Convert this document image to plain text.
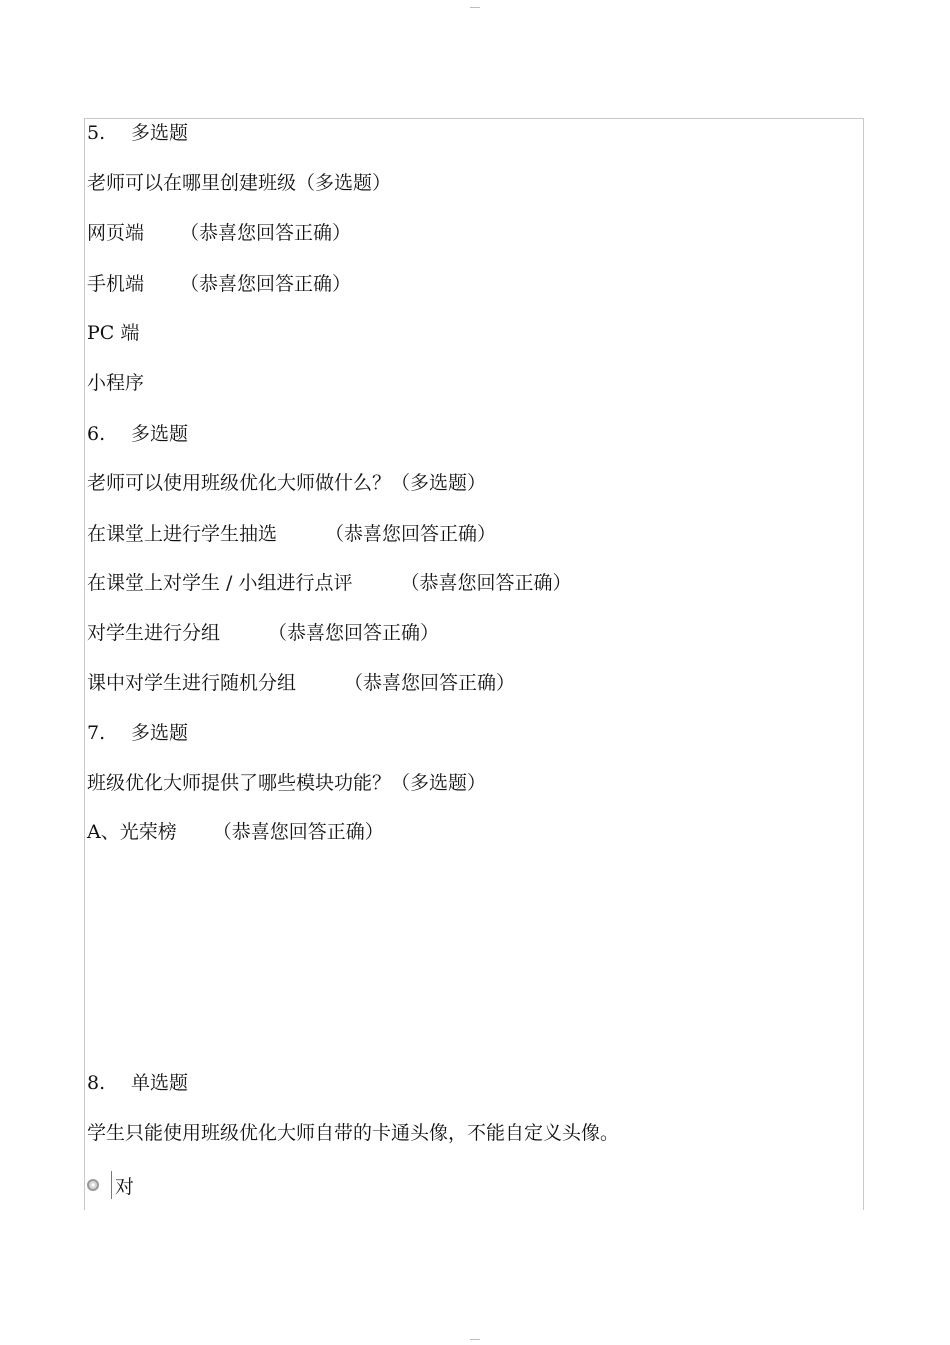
5. 多选题
老师可以在哪里创建班级（多选题）
网页端 （恭喜您回答正确）
手机端 （恭喜您回答正确）
PC 端
小程序
6. 多选题
老师可以使用班级优化大师做什么？（多选题）
在课堂上进行学生抽选	（恭喜您回答正确）
在课堂上对学生 / 小组进行点评	（恭喜您回答正确）
对学生进行分组	（恭喜您回答正确）
课中对学生进行随机分组	（恭喜您回答正确）
7. 多选题
班级优化大师提供了哪些模块功能？（多选题）
A、光荣榜 （恭喜您回答正确）
8. 单选题
学生只能使用班级优化大师自带的卡通头像，不能自定义头像。
对
